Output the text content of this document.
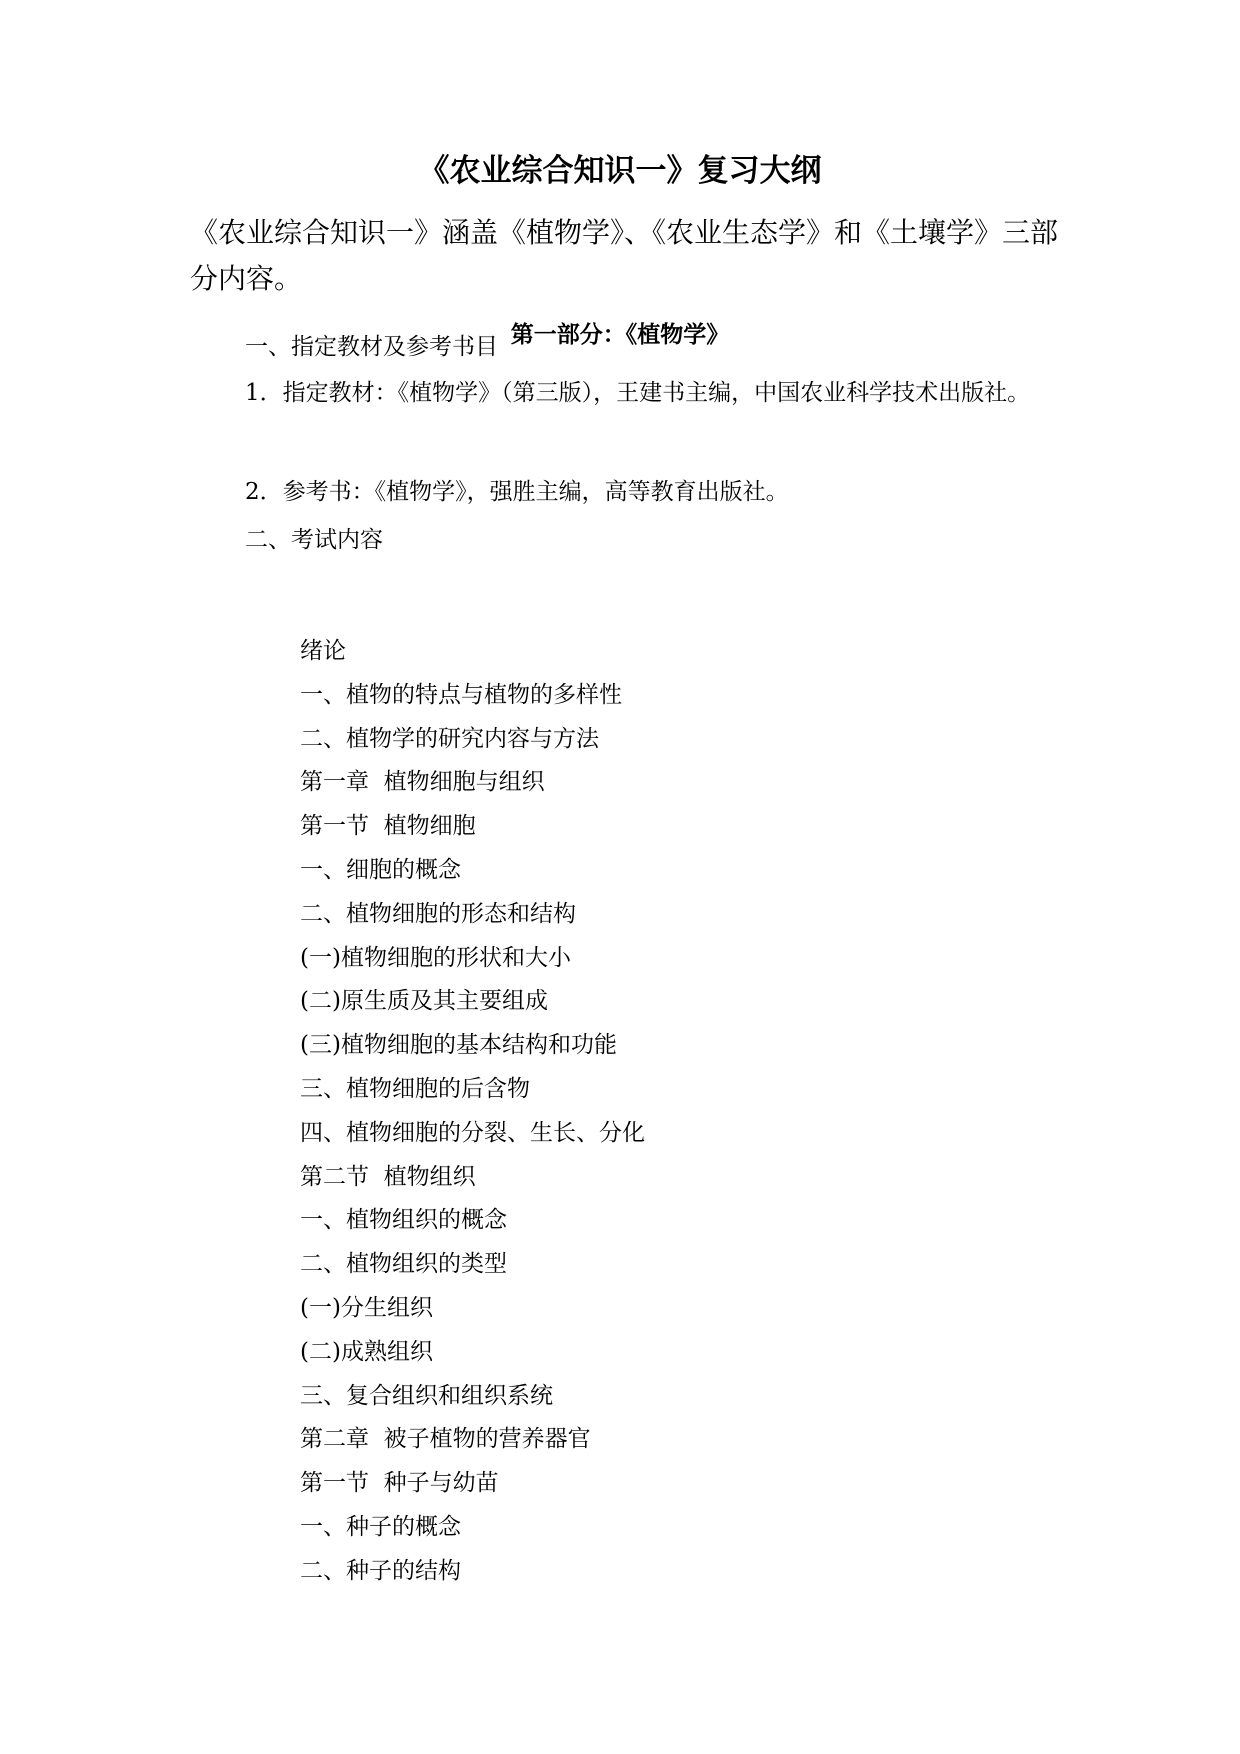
《农业综合知识一》复习大纲
《农业综合知识一》涵盖《植物学》、《农业生态学》和《土壤学》三部分内容。
第一部分：《植物学》
一、指定教材及参考书目
1．指定教材：《植物学》（第三版），王建书主编，中国农业科学技术出版社。
2．参考书：《植物学》，强胜主编，高等教育出版社。
二、考试内容
绪论
一、植物的特点与植物的多样性
二、植物学的研究内容与方法
第一章  植物细胞与组织
第一节  植物细胞
一、细胞的概念
二、植物细胞的形态和结构
(一)植物细胞的形状和大小
(二)原生质及其主要组成
(三)植物细胞的基本结构和功能
三、植物细胞的后含物
四、植物细胞的分裂、生长、分化
第二节  植物组织
一、植物组织的概念
二、植物组织的类型
(一)分生组织
(二)成熟组织
三、复合组织和组织系统
第二章  被子植物的营养器官
第一节  种子与幼苗
一、种子的概念
二、种子的结构
